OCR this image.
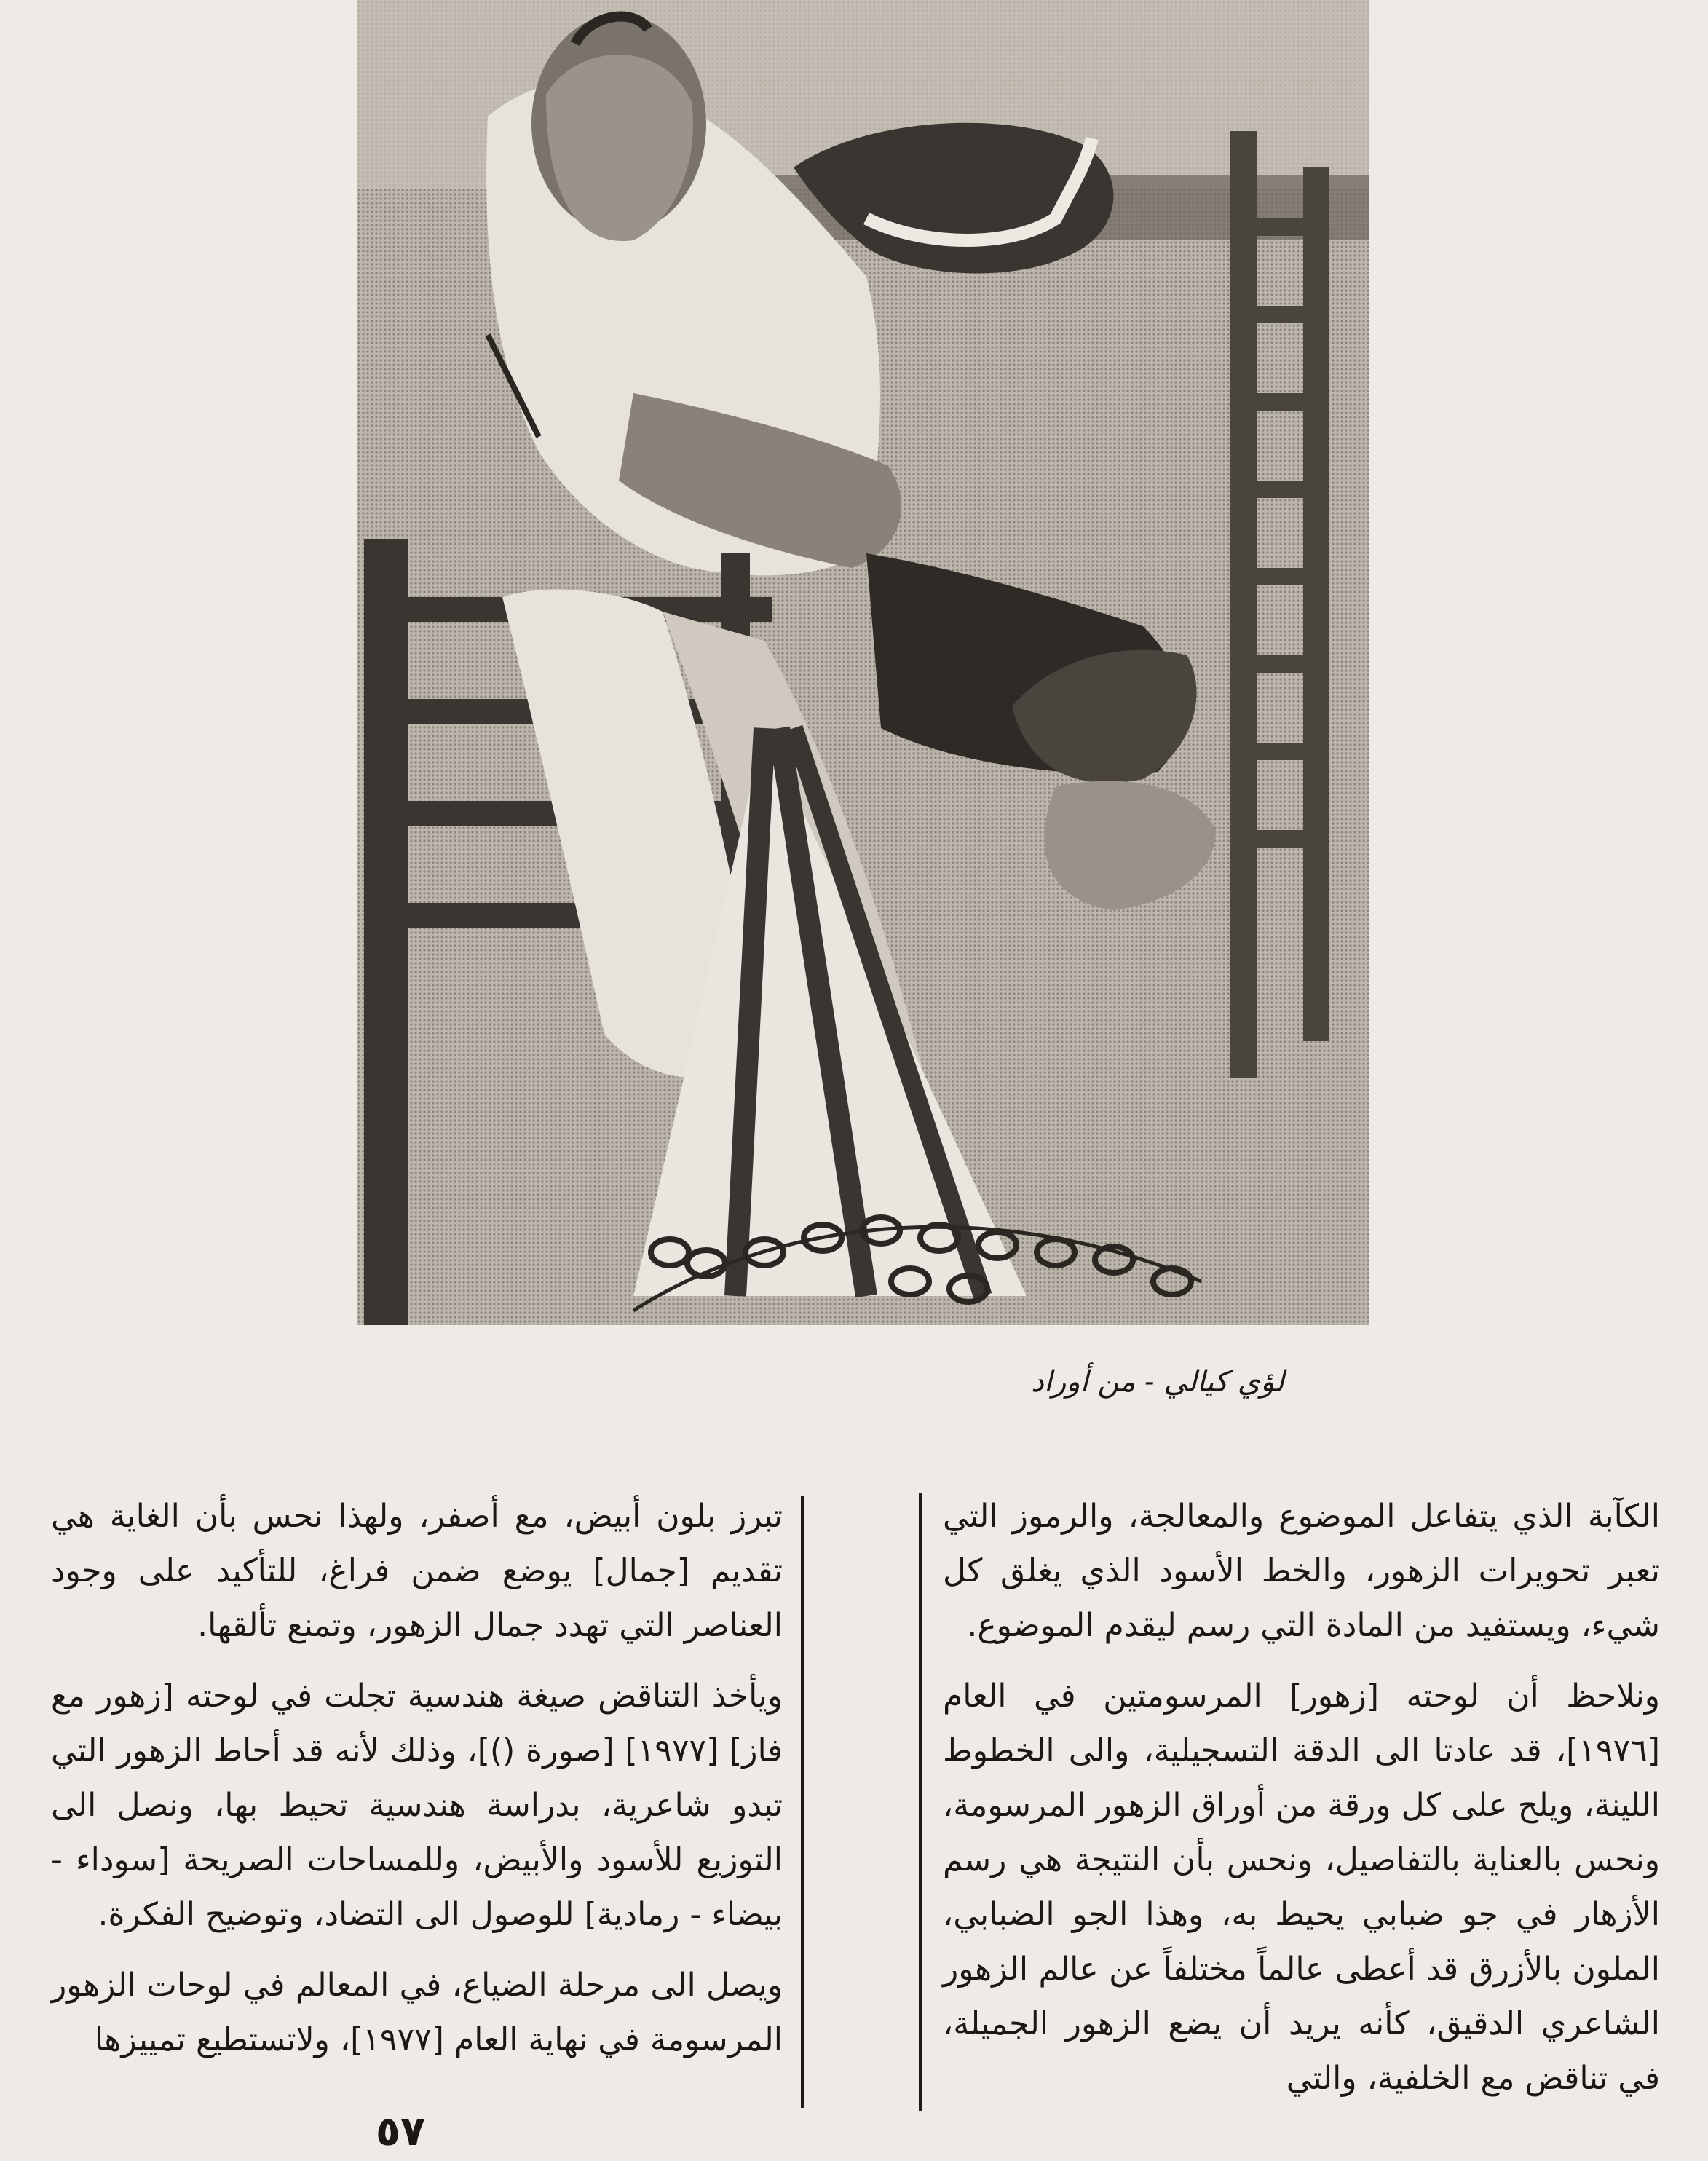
لؤي كيالي - من أوراد

الكآبة الذي يتفاعل الموضوع والمعالجة، والرموز التي تعبر تحويرات الزهور، والخط الأسود الذي يغلق كل شيء، ويستفيد من المادة التي رسم ليقدم الموضوع.

ونلاحظ أن لوحته [زهور] المرسومتين في العام [١٩٧٦]، قد عادتا الى الدقة التسجيلية، والى الخطوط اللينة، ويلح على كل ورقة من أوراق الزهور المرسومة، ونحس بالعناية بالتفاصيل، ونحس بأن النتيجة هي رسم الأزهار في جو ضبابي يحيط به، وهذا الجو الضبابي، الملون بالأزرق قد أعطى عالماً مختلفاً عن عالم الزهور الشاعري الدقيق، كأنه يريد أن يضع الزهور الجميلة، في تناقض مع الخلفية، والتي

تبرز بلون أبيض، مع أصفر، ولهذا نحس بأن الغاية هي تقديم [جمال] يوضع ضمن فراغ، للتأكيد على وجود العناصر التي تهدد جمال الزهور، وتمنع تألقها.

ويأخذ التناقض صيغة هندسية تجلت في لوحته [زهور مع فاز] [١٩٧٧] [صورة ()]، وذلك لأنه قد أحاط الزهور التي تبدو شاعرية، بدراسة هندسية تحيط بها، ونصل الى التوزيع للأسود والأبيض، وللمساحات الصريحة [سوداء - بيضاء - رمادية] للوصول الى التضاد، وتوضيح الفكرة.

ويصل الى مرحلة الضياع، في المعالم في لوحات الزهور المرسومة في نهاية العام [١٩٧٧]، ولاتستطيع تمييزها

٥٧
